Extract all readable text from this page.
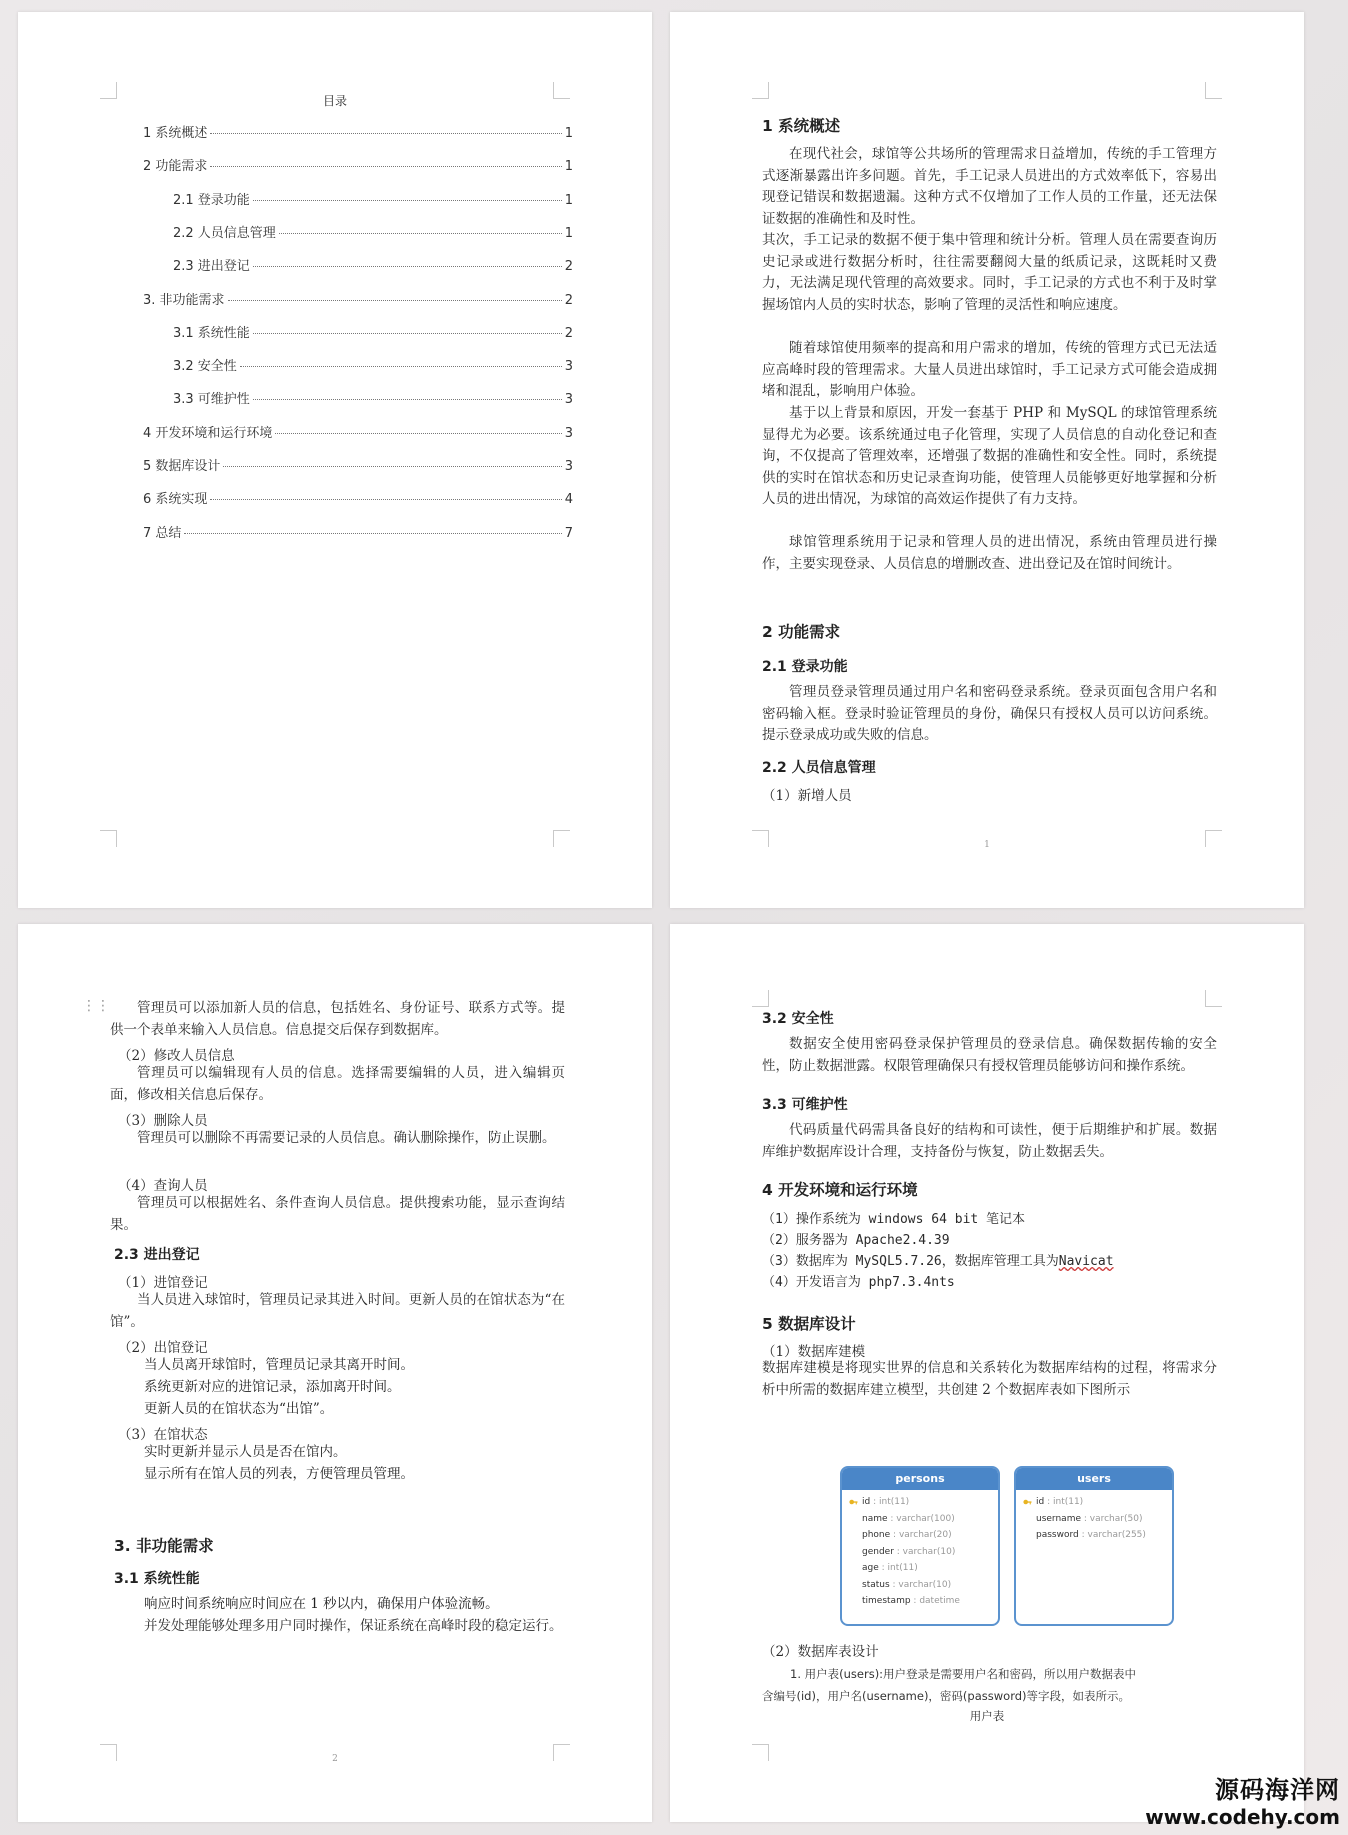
目录
1 系统概述	1
2 功能需求	1
2.1 登录功能	1
2.2 人员信息管理	1
2.3 进出登记	2
3. 非功能需求	2
3.1 系统性能	2
3.2 安全性	3
3.3 可维护性	3
4 开发环境和运行环境	3
5 数据库设计	3
6 系统实现	4
7 总结	7
1 系统概述
在现代社会，球馆等公共场所的管理需求日益增加，传统的手工管理方式逐渐暴露出许多问题。首先，手工记录人员进出的方式效率低下，容易出现登记错误和数据遗漏。这种方式不仅增加了工作人员的工作量，还无法保证数据的准确性和及时性。
其次，手工记录的数据不便于集中管理和统计分析。管理人员在需要查询历史记录或进行数据分析时，往往需要翻阅大量的纸质记录，这既耗时又费力，无法满足现代管理的高效要求。同时，手工记录的方式也不利于及时掌握场馆内人员的实时状态，影响了管理的灵活性和响应速度。
随着球馆使用频率的提高和用户需求的增加，传统的管理方式已无法适应高峰时段的管理需求。大量人员进出球馆时，手工记录方式可能会造成拥堵和混乱，影响用户体验。
基于以上背景和原因，开发一套基于 PHP 和 MySQL 的球馆管理系统显得尤为必要。该系统通过电子化管理，实现了人员信息的自动化登记和查询，不仅提高了管理效率，还增强了数据的准确性和安全性。同时，系统提供的实时在馆状态和历史记录查询功能，使管理人员能够更好地掌握和分析人员的进出情况，为球馆的高效运作提供了有力支持。
球馆管理系统用于记录和管理人员的进出情况，系统由管理员进行操作，主要实现登录、人员信息的增删改查、进出登记及在馆时间统计。
2 功能需求
2.1 登录功能
管理员登录管理员通过用户名和密码登录系统。登录页面包含用户名和密码输入框。登录时验证管理员的身份，确保只有授权人员可以访问系统。提示登录成功或失败的信息。
2.2 人员信息管理
（1）新增人员
1
⋮⋮	管理员可以添加新人员的信息，包括姓名、身份证号、联系方式等。提供一个表单来输入人员信息。信息提交后保存到数据库。
（2）修改人员信息
管理员可以编辑现有人员的信息。选择需要编辑的人员，进入编辑页面，修改相关信息后保存。
（3）删除人员
管理员可以删除不再需要记录的人员信息。确认删除操作，防止误删。
（4）查询人员
管理员可以根据姓名、条件查询人员信息。提供搜索功能，显示查询结果。
2.3 进出登记
（1）进馆登记
当人员进入球馆时，管理员记录其进入时间。更新人员的在馆状态为“在馆”。
（2）出馆登记
当人员离开球馆时，管理员记录其离开时间。
系统更新对应的进馆记录，添加离开时间。
更新人员的在馆状态为“出馆”。
（3）在馆状态
实时更新并显示人员是否在馆内。
显示所有在馆人员的列表，方便管理员管理。
3. 非功能需求
3.1 系统性能
响应时间系统响应时间应在 1 秒以内，确保用户体验流畅。
并发处理能够处理多用户同时操作，保证系统在高峰时段的稳定运行。
2
3.2 安全性
数据安全使用密码登录保护管理员的登录信息。确保数据传输的安全性，防止数据泄露。权限管理确保只有授权管理员能够访问和操作系统。
3.3 可维护性
代码质量代码需具备良好的结构和可读性，便于后期维护和扩展。数据库维护数据库设计合理，支持备份与恢复，防止数据丢失。
4 开发环境和运行环境
（1）操作系统为 windows 64 bit 笔记本
（2）服务器为 Apache2.4.39
（3）数据库为 MySQL5.7.26，数据库管理工具为Navicat
（4）开发语言为 php7.3.4nts
5 数据库设计
（1）数据库建模
数据库建模是将现实世界的信息和关系转化为数据库结构的过程，将需求分析中所需的数据库建立模型，共创建 2 个数据库表如下图所示
persons
id : int(11)
name : varchar(100)
phone : varchar(20)
gender : varchar(10)
age : int(11)
status : varchar(10)
timestamp : datetime
users
id : int(11)
username : varchar(50)
password : varchar(255)
（2）数据库表设计
1. 用户表(users):用户登录是需要用户名和密码，所以用户数据表中
含编号(id)，用户名(username)，密码(password)等字段，如表所示。
用户表
源码海洋网
www.codehy.com
